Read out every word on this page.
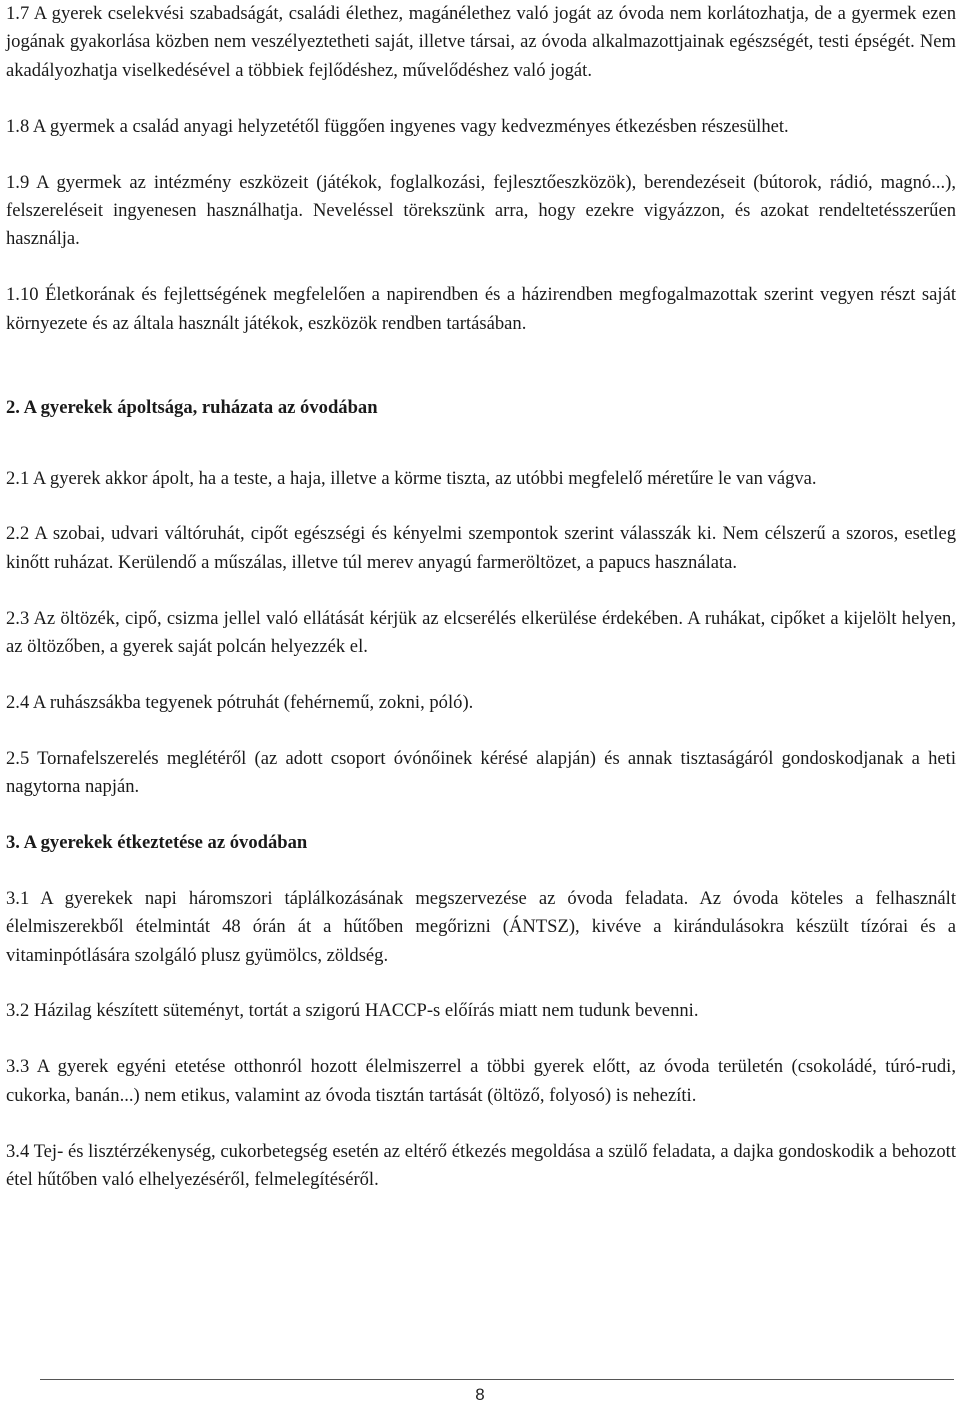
1.7 A gyerek cselekvési szabadságát, családi élethez, magánélethez való jogát az óvoda nem korlátozhatja, de a gyermek ezen jogának gyakorlása közben nem veszélyeztetheti saját, illetve társai, az óvoda alkalmazottjainak egészségét, testi épségét. Nem akadályozhatja viselkedésével a többiek fejlődéshez, művelődéshez való jogát.

1.8 A gyermek a család anyagi helyzetétől függően ingyenes vagy kedvezményes étkezésben részesülhet.

1.9 A gyermek az intézmény eszközeit (játékok, foglalkozási, fejlesztőeszközök), berendezéseit (bútorok, rádió, magnó...), felszereléseit ingyenesen használhatja. Neveléssel törekszünk arra, hogy ezekre vigyázzon, és azokat rendeltetésszerűen használja.

1.10 Életkorának és fejlettségének megfelelően a napirendben és a házirendben megfogalmazottak szerint vegyen részt saját környezete és az általa használt játékok, eszközök rendben tartásában.

2. A gyerekek ápoltsága, ruházata az óvodában

2.1 A gyerek akkor ápolt, ha a teste, a haja, illetve a körme tiszta, az utóbbi megfelelő méretűre le van vágva.

2.2 A szobai, udvari váltóruhát, cipőt egészségi és kényelmi szempontok szerint válasszák ki. Nem célszerű a szoros, esetleg kinőtt ruházat. Kerülendő a műszálas, illetve túl merev anyagú farmeröltözet, a papucs használata.

2.3 Az öltözék, cipő, csizma jellel való ellátását kérjük az elcserélés elkerülése érdekében. A ruhákat, cipőket a kijelölt helyen, az öltözőben, a gyerek saját polcán helyezzék el.

2.4 A ruhászsákba tegyenek pótruhát (fehérnemű, zokni, póló).

2.5 Tornafelszerelés meglétéről (az adott csoport óvónőinek kérésé alapján) és annak tisztaságáról gondoskodjanak a heti nagytorna napján.

3. A gyerekek étkeztetése az óvodában

3.1 A gyerekek napi háromszori táplálkozásának megszervezése az óvoda feladata. Az óvoda köteles a felhasznált élelmiszerekből ételmintát 48 órán át a hűtőben megőrizni (ÁNTSZ), kivéve a kirándulásokra készült tízórai és a vitaminpótlására szolgáló plusz gyümölcs, zöldség.

3.2 Házilag készített süteményt, tortát a szigorú HACCP-s előírás miatt nem tudunk bevenni.

3.3 A gyerek egyéni etetése otthonról hozott élelmiszerrel a többi gyerek előtt, az óvoda területén (csokoládé, túró-rudi, cukorka, banán...) nem etikus, valamint az óvoda tisztán tartását (öltöző, folyosó) is nehezíti.

3.4 Tej- és lisztérzékenység, cukorbetegség esetén az eltérő étkezés megoldása a szülő feladata, a dajka gondoskodik a behozott étel hűtőben való elhelyezéséről, felmelegítéséről.

8
